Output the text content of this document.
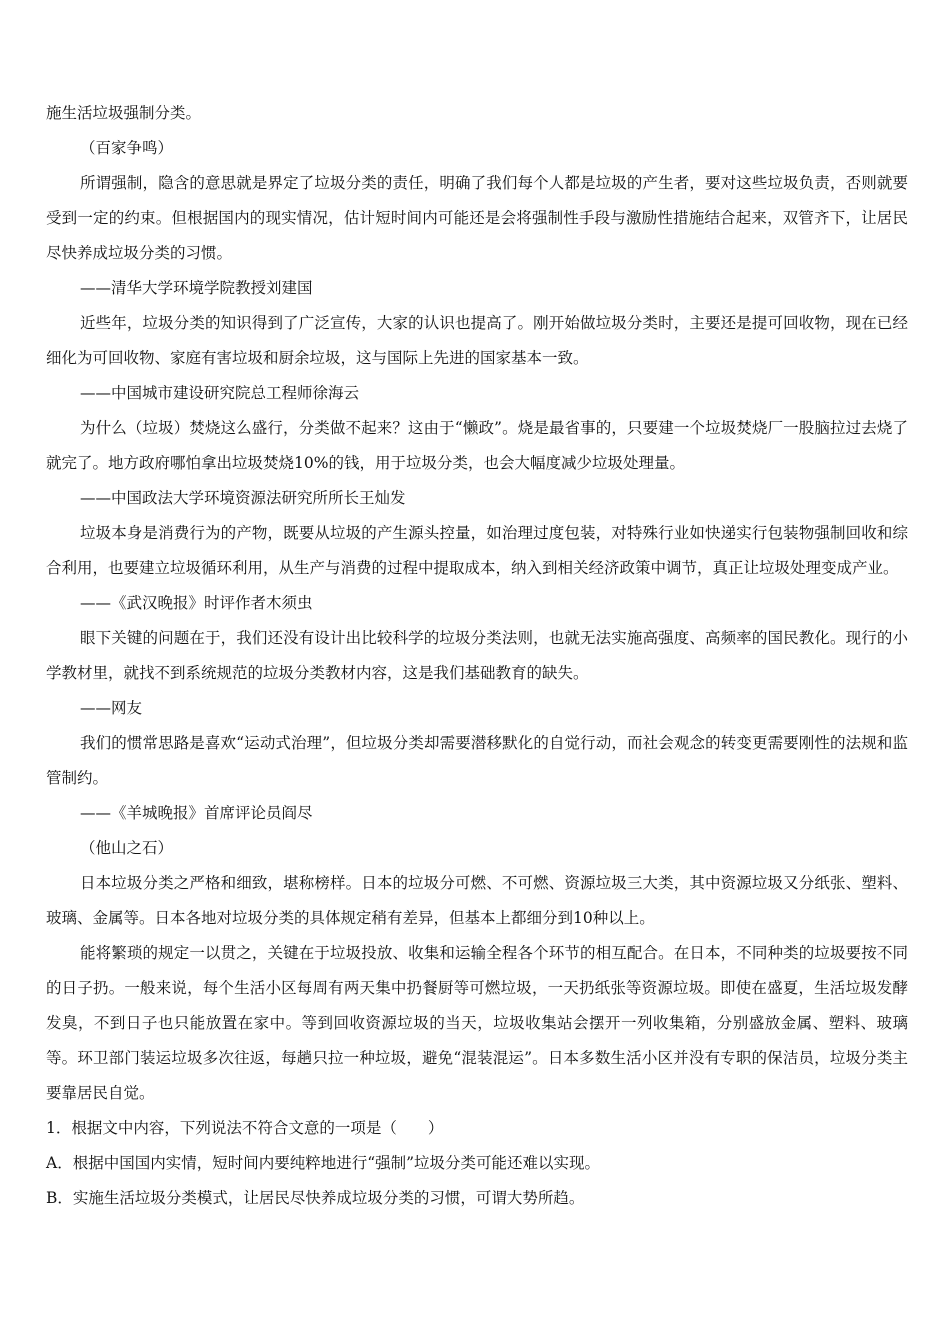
施生活垃圾强制分类。

（百家争鸣）

所谓强制，隐含的意思就是界定了垃圾分类的责任，明确了我们每个人都是垃圾的产生者，要对这些垃圾负责，否则就要受到一定的约束。但根据国内的现实情况，估计短时间内可能还是会将强制性手段与激励性措施结合起来，双管齐下，让居民尽快养成垃圾分类的习惯。

——清华大学环境学院教授刘建国

近些年，垃圾分类的知识得到了广泛宣传，大家的认识也提高了。刚开始做垃圾分类时，主要还是提可回收物，现在已经细化为可回收物、家庭有害垃圾和厨余垃圾，这与国际上先进的国家基本一致。

——中国城市建设研究院总工程师徐海云

为什么（垃圾）焚烧这么盛行，分类做不起来？这由于“懒政”。烧是最省事的，只要建一个垃圾焚烧厂一股脑拉过去烧了就完了。地方政府哪怕拿出垃圾焚烧10%的钱，用于垃圾分类，也会大幅度减少垃圾处理量。

——中国政法大学环境资源法研究所所长王灿发

垃圾本身是消费行为的产物，既要从垃圾的产生源头控量，如治理过度包装，对特殊行业如快递实行包装物强制回收和综合利用，也要建立垃圾循环利用，从生产与消费的过程中提取成本，纳入到相关经济政策中调节，真正让垃圾处理变成产业。

——《武汉晚报》时评作者木须虫

眼下关键的问题在于，我们还没有设计出比较科学的垃圾分类法则，也就无法实施高强度、高频率的国民教化。现行的小学教材里，就找不到系统规范的垃圾分类教材内容，这是我们基础教育的缺失。

——网友

我们的惯常思路是喜欢“运动式治理”，但垃圾分类却需要潜移默化的自觉行动，而社会观念的转变更需要刚性的法规和监管制约。

——《羊城晚报》首席评论员阎尽

（他山之石）

日本垃圾分类之严格和细致，堪称榜样。日本的垃圾分可燃、不可燃、资源垃圾三大类，其中资源垃圾又分纸张、塑料、玻璃、金属等。日本各地对垃圾分类的具体规定稍有差异，但基本上都细分到10种以上。

能将繁琐的规定一以贯之，关键在于垃圾投放、收集和运输全程各个环节的相互配合。在日本，不同种类的垃圾要按不同的日子扔。一般来说，每个生活小区每周有两天集中扔餐厨等可燃垃圾，一天扔纸张等资源垃圾。即使在盛夏，生活垃圾发酵发臭，不到日子也只能放置在家中。等到回收资源垃圾的当天，垃圾收集站会摆开一列收集箱，分别盛放金属、塑料、玻璃等。环卫部门装运垃圾多次往返，每趟只拉一种垃圾，避免“混装混运”。日本多数生活小区并没有专职的保洁员，垃圾分类主要靠居民自觉。

1．根据文中内容，下列说法不符合文意的一项是（　　）

A．根据中国国内实情，短时间内要纯粹地进行“强制”垃圾分类可能还难以实现。

B．实施生活垃圾分类模式，让居民尽快养成垃圾分类的习惯，可谓大势所趋。
